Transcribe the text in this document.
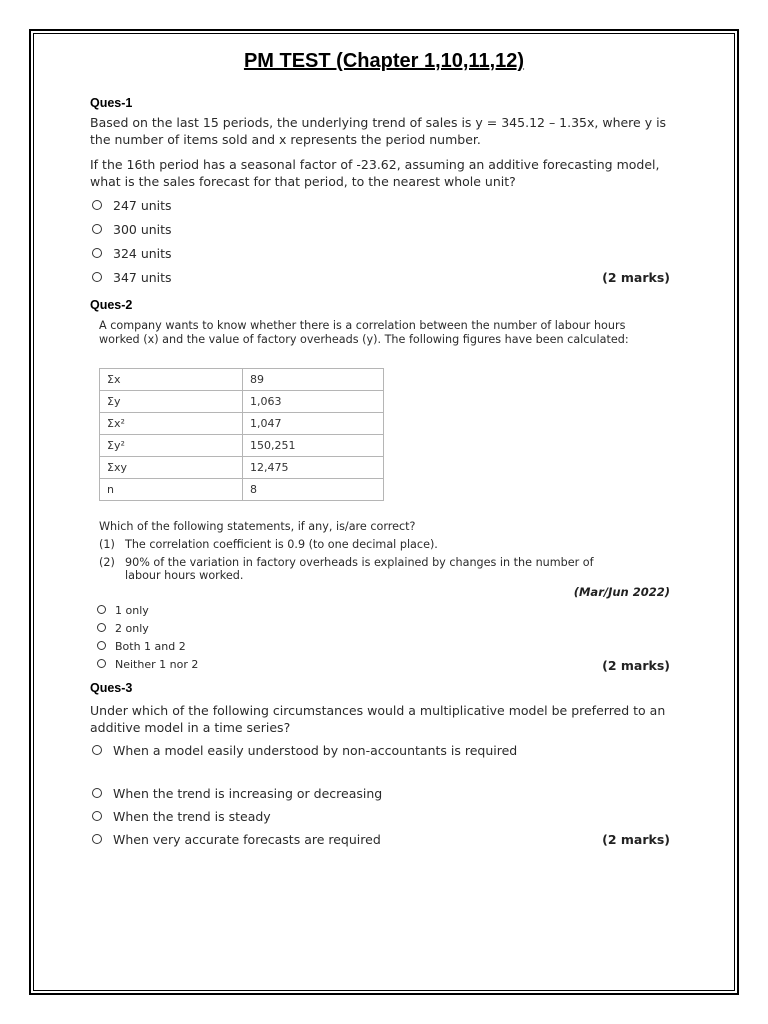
PM TEST (Chapter 1,10,11,12)
Ques-1
Based on the last 15 periods, the underlying trend of sales is y = 345.12 – 1.35x, where y is the number of items sold and x represents the period number.
If the 16th period has a seasonal factor of -23.62, assuming an additive forecasting model, what is the sales forecast for that period, to the nearest whole unit?
247 units
300 units
324 units
347 units	(2 marks)
Ques-2
A company wants to know whether there is a correlation between the number of labour hours worked (x) and the value of factory overheads (y). The following figures have been calculated:
Σx	89
Σy	1,063
Σx²	1,047
Σy²	150,251
Σxy	12,475
n	8
Which of the following statements, if any, is/are correct?
(1) The correlation coefficient is 0.9 (to one decimal place).
(2) 90% of the variation in factory overheads is explained by changes in the number of
labour hours worked.
(Mar/Jun 2022)
1 only
2 only
Both 1 and 2
Neither 1 nor 2	(2 marks)
Ques-3
Under which of the following circumstances would a multiplicative model be preferred to an additive model in a time series?
When a model easily understood by non-accountants is required
When the trend is increasing or decreasing
When the trend is steady
When very accurate forecasts are required	(2 marks)
